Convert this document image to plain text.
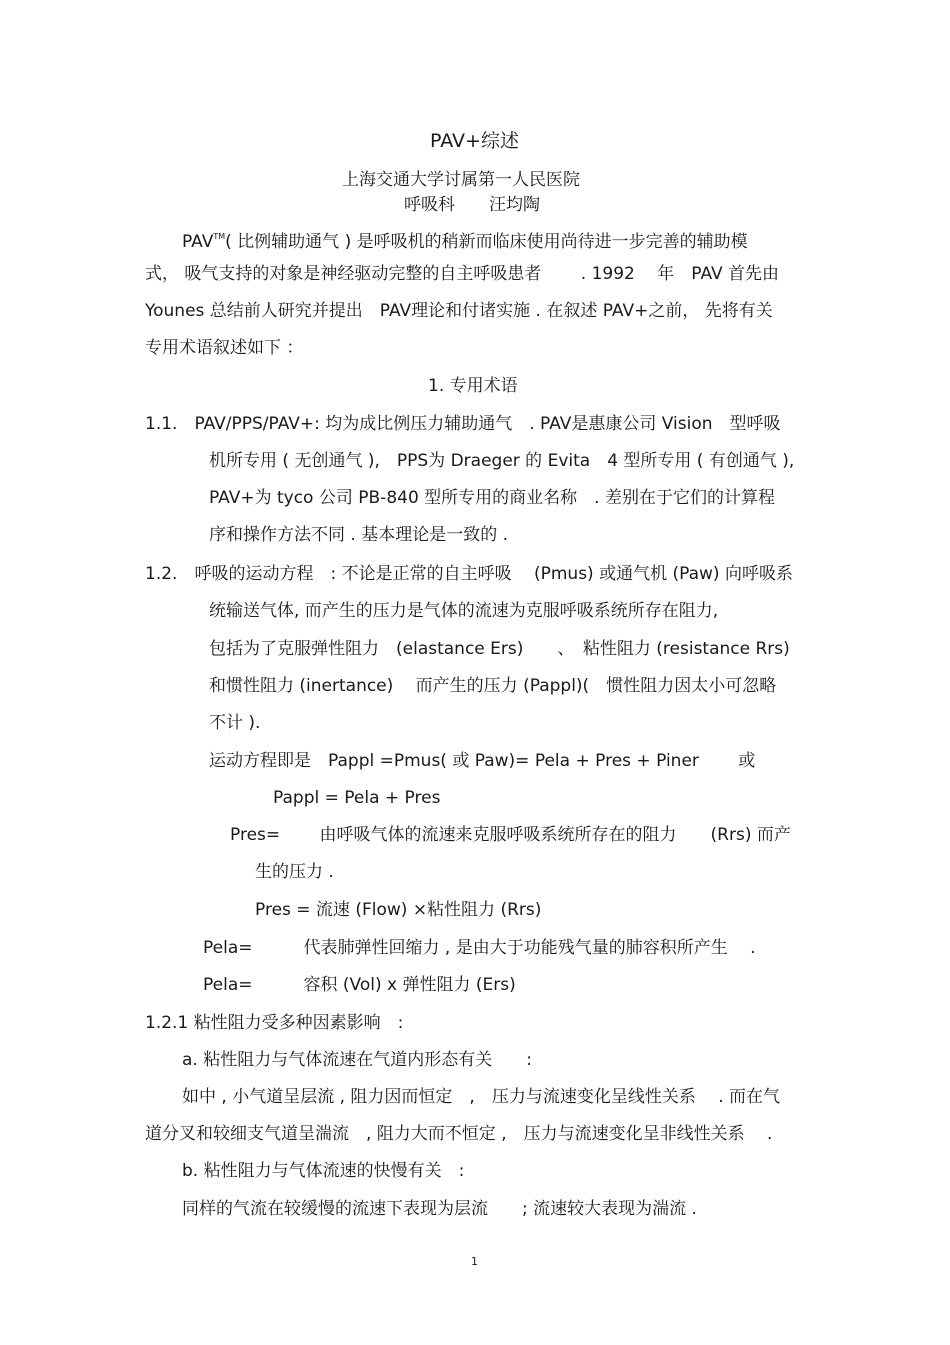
PAV+综述
上海交通大学讨属第一人民医院
呼吸科　　汪均陶
PAV™( 比例辅助通气 ) 是呼吸机的稍新而临床使用尚待进一步完善的辅助模
式， 吸气支持的对象是神经驱动完整的自主呼吸患者　　 . 1992　 年　PAV 首先由
Younes 总结前人研究并提出　PAV理论和付诸实施 . 在叙述 PAV+之前， 先将有关
专用术语叙述如下 ：
1. 专用术语
1.1.　PAV/PPS/PAV+: 均为成比例压力辅助通气　. PAV是惠康公司 Vision　型呼吸
机所专用 ( 无创通气 ),　PPS为 Draeger 的 Evita　4 型所专用 ( 有创通气 ),
PAV+为 tyco 公司 PB-840 型所专用的商业名称　. 差别在于它们的计算程
序和操作方法不同 . 基本理论是一致的 .
1.2.　呼吸的运动方程　: 不论是正常的自主呼吸　 (Pmus) 或通气机 (Paw) 向呼吸系
统输送气体, 而产生的压力是气体的流速为克服呼吸系统所存在阻力,
包括为了克服弹性阻力　(elastance Ers)　　、　粘性阻力 (resistance Rrs)
和惯性阻力 (inertance)　 而产生的压力 (Pappl)(　惯性阻力因太小可忽略
不计 ).
运动方程即是　Pappl =Pmus( 或 Paw)= Pela + Pres + Piner　　 或
Pappl = Pela + Pres
Pres=　　 由呼吸气体的流速来克服呼吸系统所存在的阻力　　(Rrs) 而产
生的压力 .
Pres = 流速 (Flow) ×粘性阻力 (Rrs)
Pela=　　　代表肺弹性回缩力 , 是由大于功能残气量的肺容积所产生　 .
Pela=　　　容积 (Vol) x 弹性阻力 (Ers)
1.2.1 粘性阻力受多种因素影响　:
a. 粘性阻力与气体流速在气道内形态有关　　:
如中 , 小气道呈层流 , 阻力因而恒定　,　压力与流速变化呈线性关系　 . 而在气
道分叉和较细支气道呈湍流　, 阻力大而不恒定 ,　压力与流速变化呈非线性关系　 .
b. 粘性阻力与气体流速的快慢有关　:
同样的气流在较缓慢的流速下表现为层流　　; 流速较大表现为湍流 .
1
